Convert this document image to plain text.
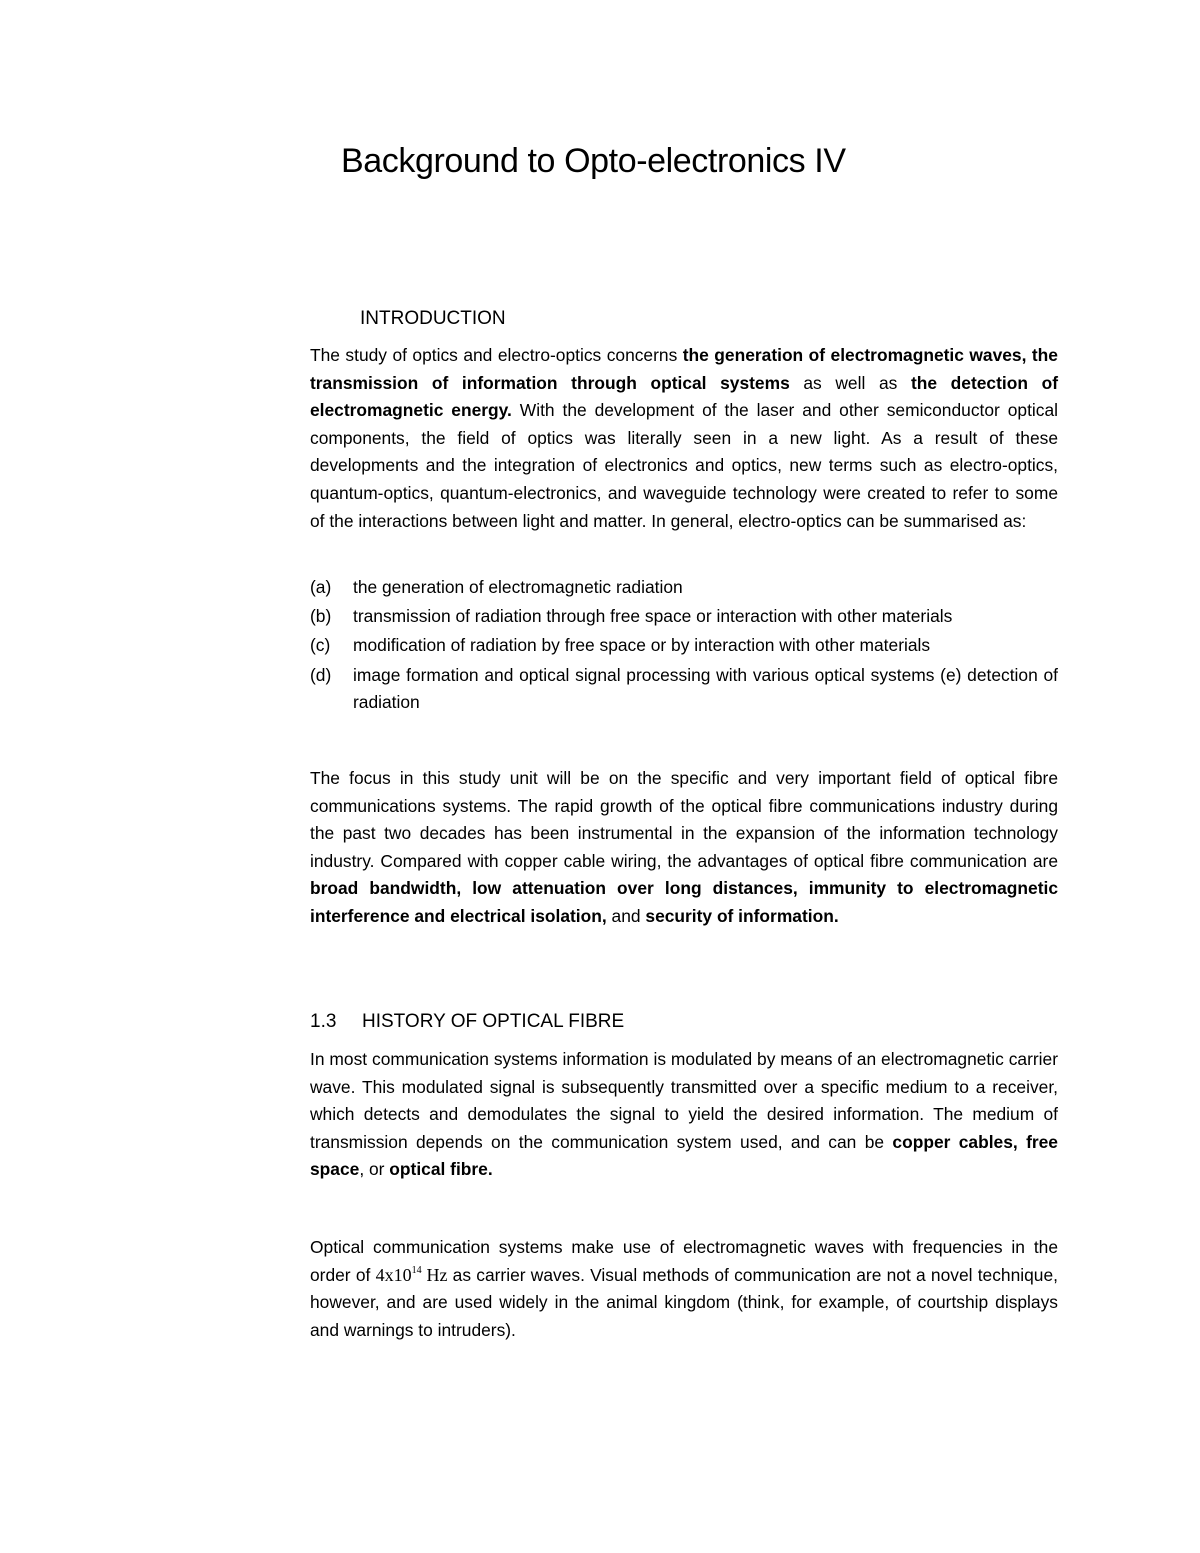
Background to Opto-electronics IV
INTRODUCTION

The study of optics and electro-optics concerns the generation of electromagnetic waves, the transmission of information through optical systems as well as the detection of electromagnetic energy. With the development of the laser and other semiconductor optical components, the field of optics was literally seen in a new light. As a result of these developments and the integration of electronics and optics, new terms such as electro-optics, quantum-optics, quantum-electronics, and waveguide technology were created to refer to some of the interactions between light and matter. In general, electro-optics can be summarised as:

(a)	the generation of electromagnetic radiation
(b)	transmission of radiation through free space or interaction with other materials
(c)	modification of radiation by free space or by interaction with other materials
(d)	image formation and optical signal processing with various optical systems (e) detection of radiation

The focus in this study unit will be on the specific and very important field of optical fibre communications systems. The rapid growth of the optical fibre communications industry during the past two decades has been instrumental in the expansion of the information technology industry. Compared with copper cable wiring, the advantages of optical fibre communication are broad bandwidth, low attenuation over long distances, immunity to electromagnetic interference and electrical isolation, and security of information.

1.3 HISTORY OF OPTICAL FIBRE

In most communication systems information is modulated by means of an electromagnetic carrier wave. This modulated signal is subsequently transmitted over a specific medium to a receiver, which detects and demodulates the signal to yield the desired information. The medium of transmission depends on the communication system used, and can be copper cables, free space, or optical fibre.

Optical communication systems make use of electromagnetic waves with frequencies in the order of $4x10^{14}$ Hz as carrier waves. Visual methods of communication are not a novel technique, however, and are used widely in the animal kingdom (think, for example, of courtship displays and warnings to intruders).
